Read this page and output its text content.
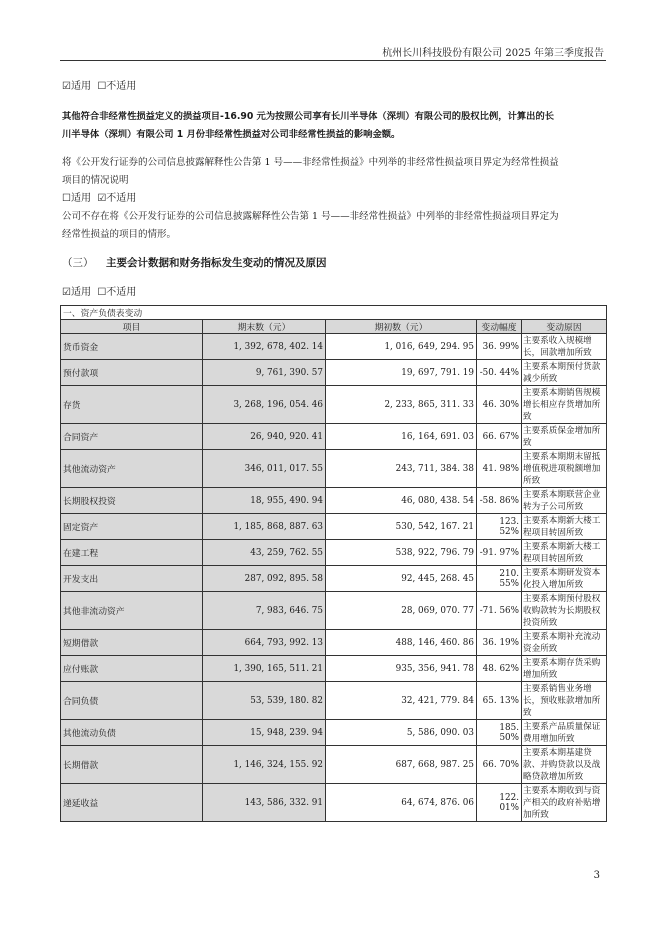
杭州长川科技股份有限公司 2025 年第三季度报告
☑适用 ☐不适用
其他符合非经常性损益定义的损益项目-16.90 元为按照公司享有长川半导体（深圳）有限公司的股权比例，计算出的长
川半导体（深圳）有限公司 1 月份非经常性损益对公司非经常性损益的影响金额。
将《公开发行证券的公司信息披露解释性公告第 1 号——非经常性损益》中列举的非经常性损益项目界定为经常性损益
项目的情况说明
☐适用 ☑不适用
公司不存在将《公开发行证券的公司信息披露解释性公告第 1 号——非经常性损益》中列举的非经常性损益项目界定为
经常性损益的项目的情形。
（三） 主要会计数据和财务指标发生变动的情况及原因
☑适用 ☐不适用
一、资产负债表变动				
项目	期末数（元）	期初数（元）	变动幅度	变动原因
货币资金	1, 392, 678, 402. 14	1, 016, 649, 294. 95	36. 99%	主要系收入规模增长，回款增加所致
预付款项	9, 761, 390. 57	19, 697, 791. 19	-50. 44%	主要系本期预付货款减少所致
存货	3, 268, 196, 054. 46	2, 233, 865, 311. 33	46. 30%	主要系本期销售规模增长相应存货增加所致
合同资产	26, 940, 920. 41	16, 164, 691. 03	66. 67%	主要系质保金增加所致
其他流动资产	346, 011, 017. 55	243, 711, 384. 38	41. 98%	主要系本期期末留抵增值税进项税额增加所致
长期股权投资	18, 955, 490. 94	46, 080, 438. 54	-58. 86%	主要系本期联营企业转为子公司所致
固定资产	1, 185, 868, 887. 63	530, 542, 167. 21	123. 52%	主要系本期新大楼工程项目转固所致
在建工程	43, 259, 762. 55	538, 922, 796. 79	-91. 97%	主要系本期新大楼工程项目转固所致
开发支出	287, 092, 895. 58	92, 445, 268. 45	210. 55%	主要系本期研发资本化投入增加所致
其他非流动资产	7, 983, 646. 75	28, 069, 070. 77	-71. 56%	主要系本期预付股权收购款转为长期股权投资所致
短期借款	664, 793, 992. 13	488, 146, 460. 86	36. 19%	主要系本期补充流动资金所致
应付账款	1, 390, 165, 511. 21	935, 356, 941. 78	48. 62%	主要系本期存货采购增加所致
合同负债	53, 539, 180. 82	32, 421, 779. 84	65. 13%	主要系销售业务增长，预收账款增加所致
其他流动负债	15, 948, 239. 94	5, 586, 090. 03	185. 50%	主要系产品质量保证费用增加所致
长期借款	1, 146, 324, 155. 92	687, 668, 987. 25	66. 70%	主要系本期基建贷款、并购贷款以及战略贷款增加所致
递延收益	143, 586, 332. 91	64, 674, 876. 06	122. 01%	主要系本期收到与资产相关的政府补贴增加所致
3
